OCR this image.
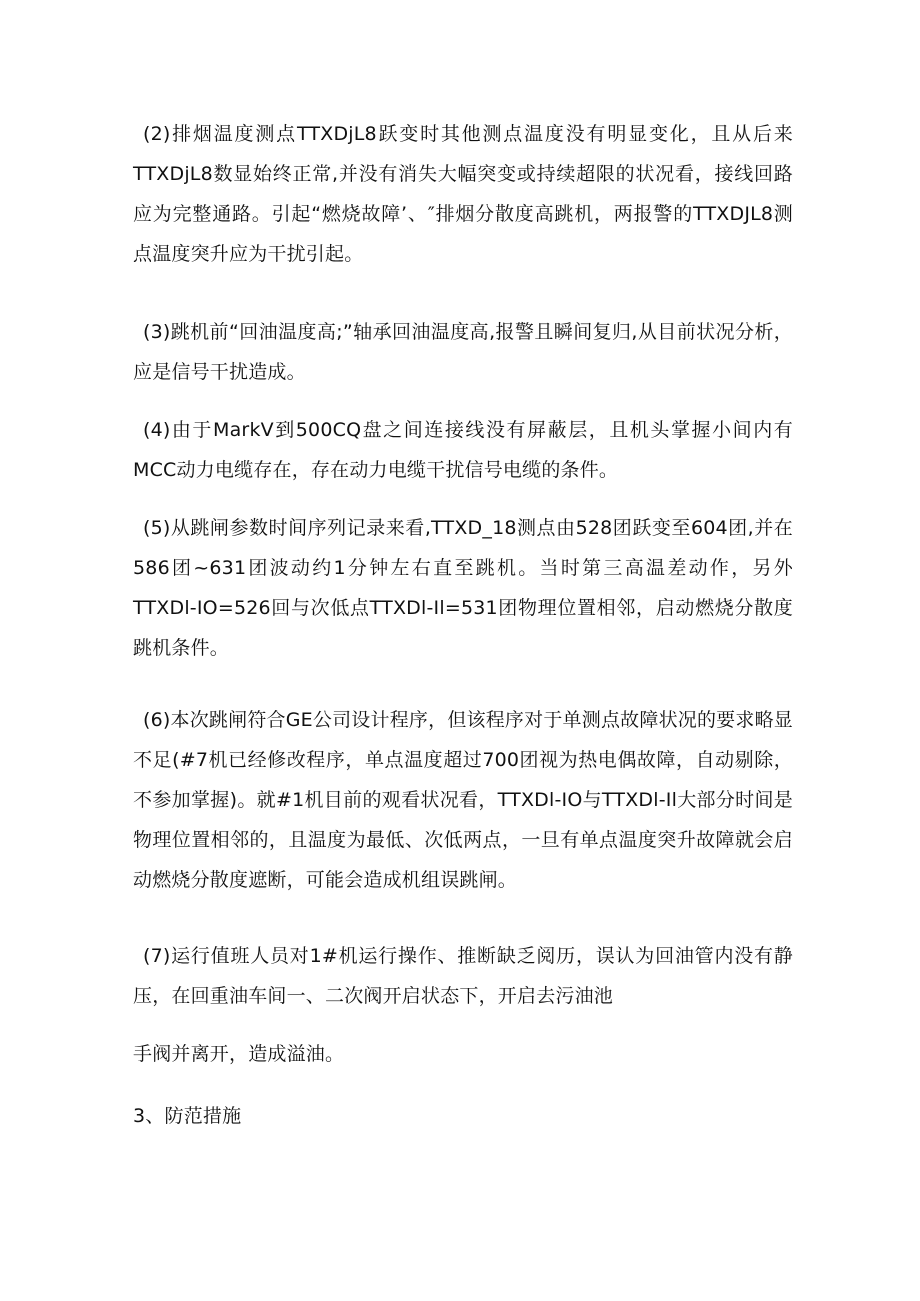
(2)排烟温度测点TTXDjL8跃变时其他测点温度没有明显变化，且从后来TTXDjL8数显始终正常,并没有消失大幅突变或持续超限的状况看，接线回路应为完整通路。引起“燃烧故障’、″排烟分散度高跳机，两报警的TTXDJL8测点温度突升应为干扰引起。

(3)跳机前“回油温度高;”轴承回油温度高,报警且瞬间复归,从目前状况分析，应是信号干扰造成。

(4)由于MarkV到500CQ盘之间连接线没有屏蔽层，且机头掌握小间内有MCC动力电缆存在，存在动力电缆干扰信号电缆的条件。

(5)从跳闸参数时间序列记录来看,TTXD_18测点由528团跃变至604团,并在586团~631团波动约1分钟左右直至跳机。当时第三高温差动作，另外TTXDl-IO=526回与次低点TTXDl-Il=531团物理位置相邻，启动燃烧分散度跳机条件。

(6)本次跳闸符合GE公司设计程序，但该程序对于单测点故障状况的要求略显不足(#7机已经修改程序，单点温度超过700团视为热电偶故障，自动剔除，不参加掌握)。就#1机目前的观看状况看，TTXDl-IO与TTXDl-Il大部分时间是物理位置相邻的，且温度为最低、次低两点，一旦有单点温度突升故障就会启动燃烧分散度遮断，可能会造成机组误跳闸。

(7)运行值班人员对1#机运行操作、推断缺乏阅历，误认为回油管内没有静压，在回重油车间一、二次阀开启状态下，开启去污油池

手阀并离开，造成溢油。

3、防范措施
